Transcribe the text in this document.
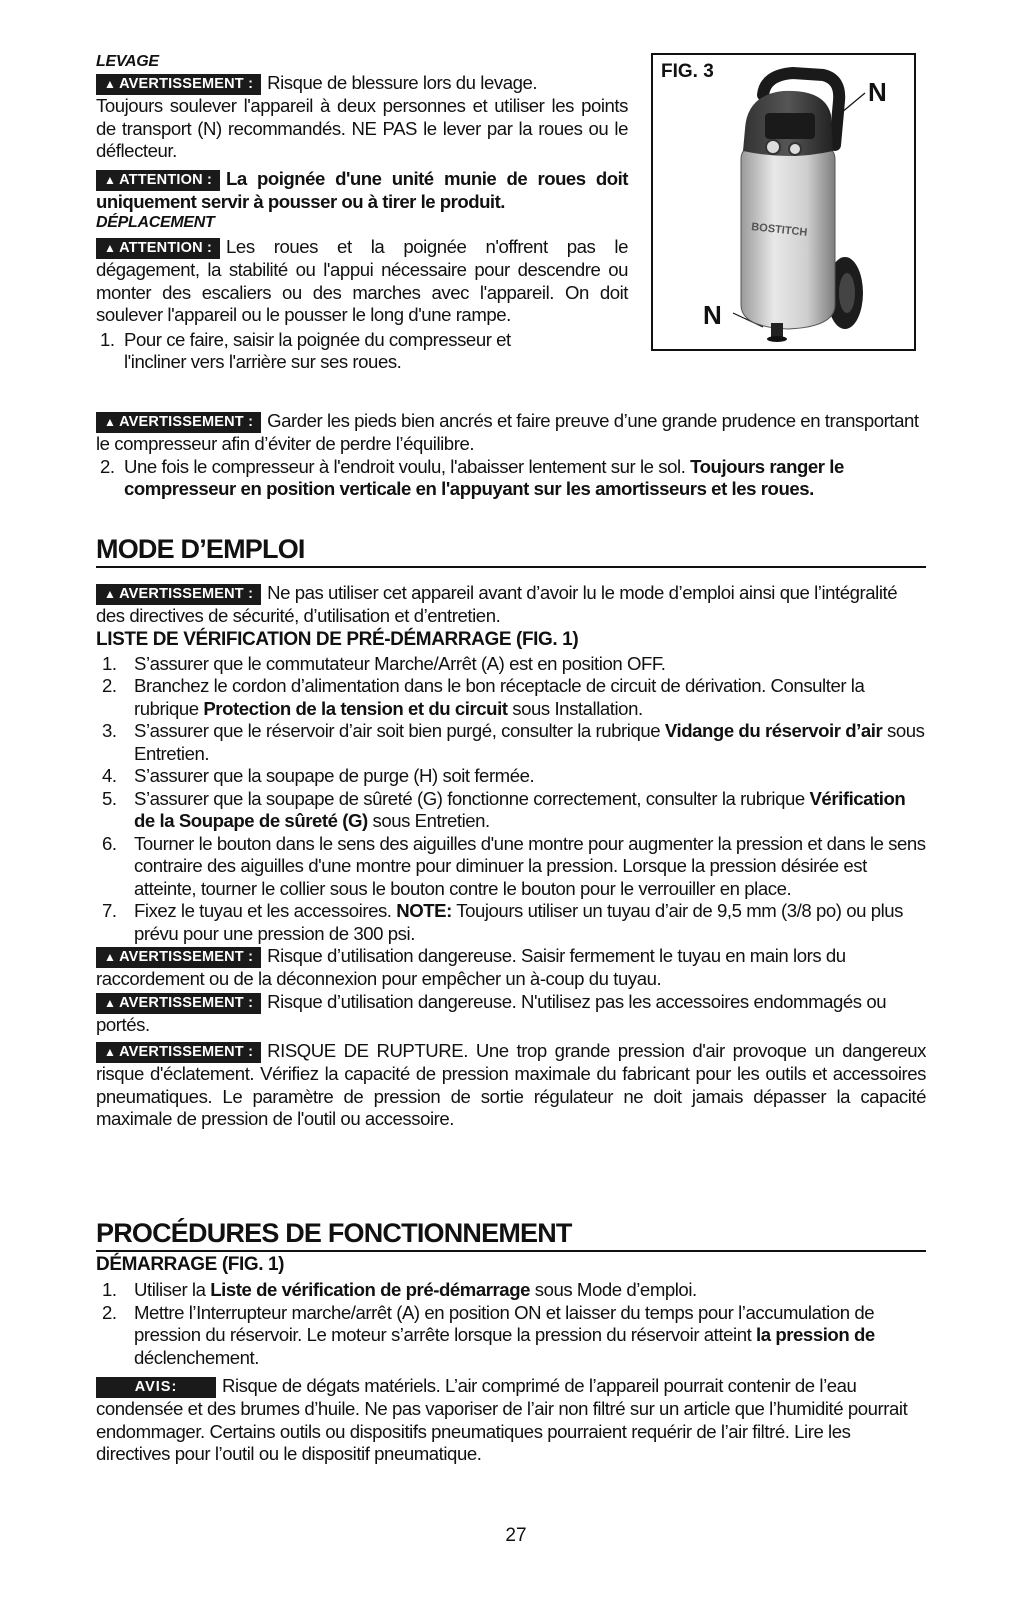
LEVAGE

▲ AVERTISSEMENT : Risque de blessure lors du levage.

Toujours soulever l'appareil à deux personnes et utiliser les points de transport (N) recommandés. NE PAS le lever par la roues ou le déflecteur.

▲ ATTENTION : La poignée d'une unité munie de roues doit uniquement servir à pousser ou à tirer le produit.

DÉPLACEMENT

▲ ATTENTION : Les roues et la poignée n'offrent pas le dégagement, la stabilité ou l'appui nécessaire pour descendre ou monter des escaliers ou des marches avec l'appareil. On doit soulever l'appareil ou le pousser le long d'une rampe.

1. Pour ce faire, saisir la poignée du compresseur et l'incliner vers l'arrière sur ses roues.
FIG. 3
N
N
BOSTITCH

▲ AVERTISSEMENT : Garder les pieds bien ancrés et faire preuve d’une grande prudence en transportant le compresseur afin d’éviter de perdre l’équilibre.

2. Une fois le compresseur à l'endroit voulu, l'abaisser lentement sur le sol. Toujours ranger le compresseur en position verticale en l'appuyant sur les amortisseurs et les roues.
MODE D’EMPLOI

▲ AVERTISSEMENT : Ne pas utiliser cet appareil avant d’avoir lu le mode d’emploi ainsi que l’intégralité des directives de sécurité, d’utilisation et d’entretien.

LISTE DE VÉRIFICATION DE PRÉ-DÉMARRAGE (FIG. 1)

1. S’assurer que le commutateur Marche/Arrêt (A) est en position OFF.
2. Branchez le cordon d’alimentation dans le bon réceptacle de circuit de dérivation. Consulter la rubrique Protection de la tension et du circuit sous Installation.
3. S’assurer que le réservoir d’air soit bien purgé, consulter la rubrique Vidange du réservoir d’air sous Entretien.
4. S’assurer que la soupape de purge (H) soit fermée.
5. S’assurer que la soupape de sûreté (G) fonctionne correctement, consulter la rubrique Vérification de la Soupape de sûreté (G) sous Entretien.
6. Tourner le bouton dans le sens des aiguilles d'une montre pour augmenter la pression et dans le sens contraire des aiguilles d'une montre pour diminuer la pression. Lorsque la pression désirée est atteinte, tourner le collier sous le bouton contre le bouton pour le verrouiller en place.
7. Fixez le tuyau et les accessoires. NOTE: Toujours utiliser un tuyau d’air de 9,5 mm (3/8 po) ou plus prévu pour une pression de 300 psi.

▲ AVERTISSEMENT : Risque d’utilisation dangereuse. Saisir fermement le tuyau en main lors du raccordement ou de la déconnexion pour empêcher un à-coup du tuyau.

▲ AVERTISSEMENT : Risque d’utilisation dangereuse. N'utilisez pas les accessoires endommagés ou portés.

▲ AVERTISSEMENT : RISQUE DE RUPTURE. Une trop grande pression d'air provoque un dangereux risque d'éclatement. Vérifiez la capacité de pression maximale du fabricant pour les outils et accessoires pneumatiques. Le paramètre de pression de sortie régulateur ne doit jamais dépasser la capacité maximale de pression de l'outil ou accessoire.

PROCÉDURES DE FONCTIONNEMENT

DÉMARRAGE (FIG. 1)

1. Utiliser la Liste de vérification de pré-démarrage sous Mode d’emploi.
2. Mettre l’Interrupteur marche/arrêt (A) en position ON et laisser du temps pour l’accumulation de pression du réservoir. Le moteur s’arrête lorsque la pression du réservoir atteint la pression de déclenchement.

AVIS: Risque de dégats matériels. L’air comprimé de l’appareil pourrait contenir de l’eau condensée et des brumes d’huile. Ne pas vaporiser de l’air non filtré sur un article que l’humidité pourrait endommager. Certains outils ou dispositifs pneumatiques pourraient requérir de l’air filtré. Lire les directives pour l’outil ou le dispositif pneumatique.

27
